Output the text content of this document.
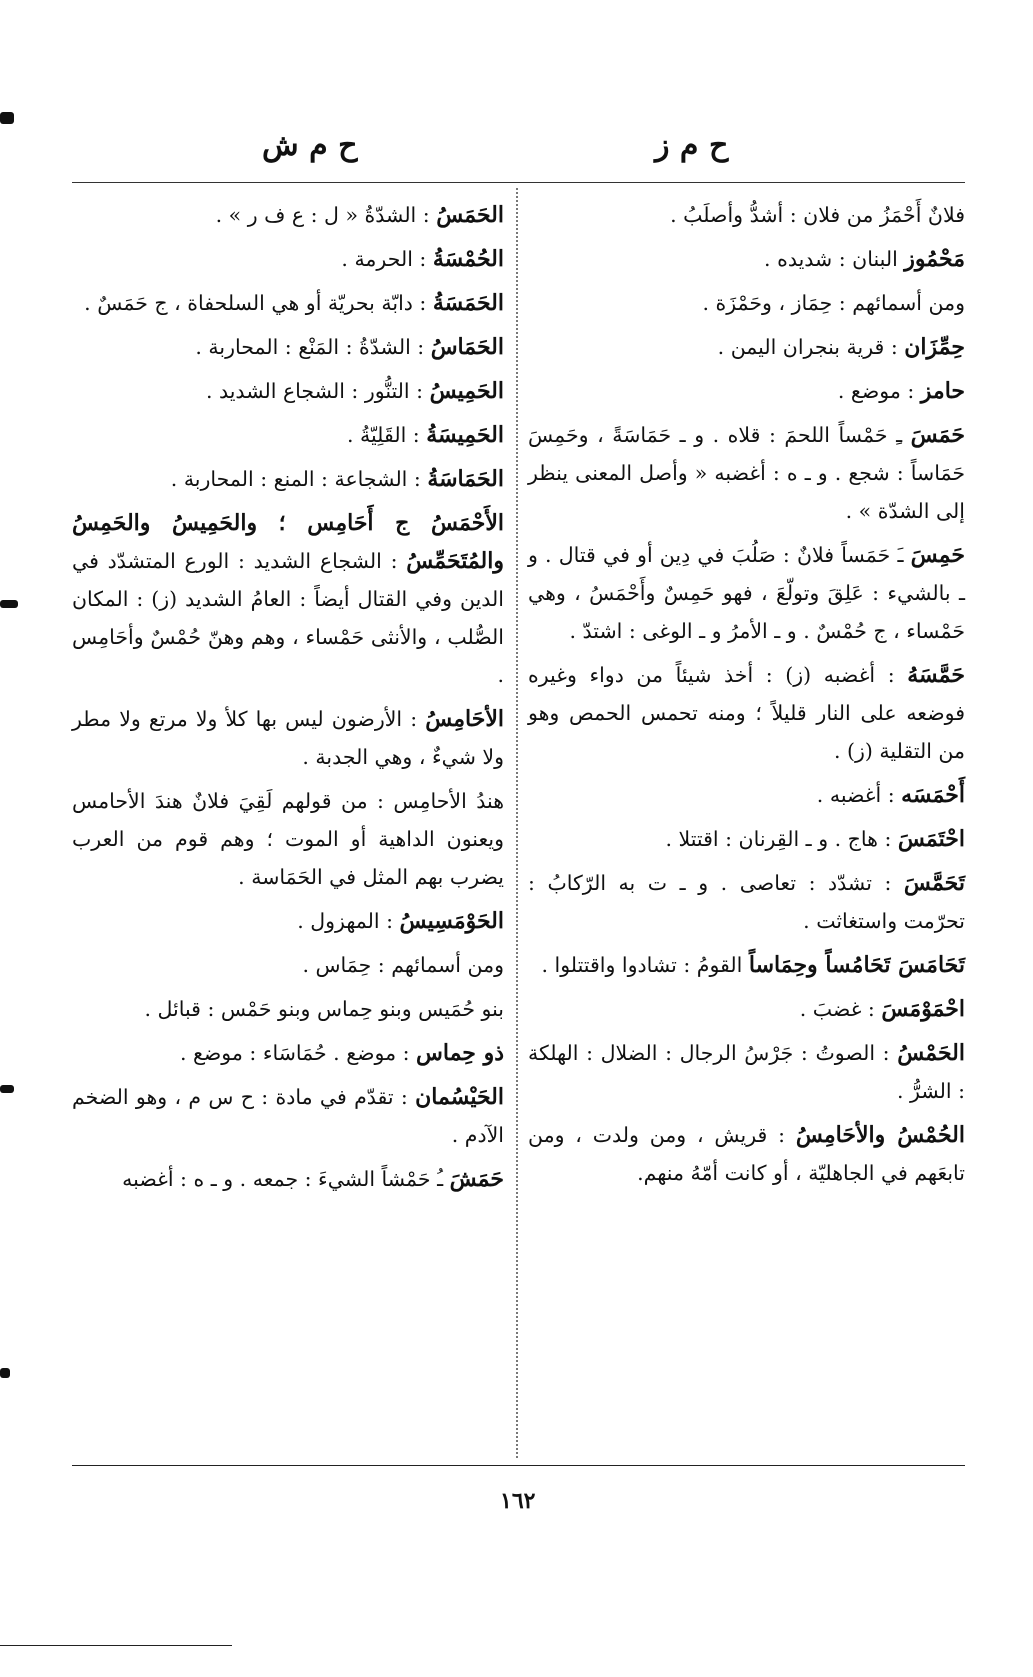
ح م ز
ح م ش

فلانٌ أَحْمَزُ من فلان : أشدُّ وأصلَبُ .

مَحْمُوز البنان : شديده .

ومن أسمائهم : حِمَاز ، وحَمْزَة .

حِمِّزَان : قرية بنجران اليمن .

حامز : موضع .

حَمَسَ ـِ حَمْساً اللحمَ : قلاه . و ـ حَمَاسَةً ، وحَمِسَ حَمَاساً : شجع . و ـ ه : أغضبه « وأصل المعنى ينظر إلى الشدّة » .

حَمِسَ ـَ حَمَساً فلانٌ : صَلُبَ في دِين أو في قتال . و ـ بالشيء : عَلِقَ وتولّعَ ، فهو حَمِسٌ وأَحْمَسُ ، وهي حَمْساء ، ج حُمْسٌ . و ـ الأمرُ و ـ الوغى : اشتدّ .

حَمَّسَهُ : أغضبه (ز) : أخذ شيئاً من دواء وغيره فوضعه على النار قليلاً ؛ ومنه تحمس الحمص وهو من التقلية (ز) .

أَحْمَسَه : أغضبه .

احْتَمَسَ : هاج . و ـ القِرنان : اقتتلا .

تَحَمَّسَ : تشدّد : تعاصى . و ـ ت به الرّكابُ : تحرّمت واستغاثت .

تَحَامَسَ تَحَامُساً وحِمَاساً القومُ : تشادوا واقتتلوا .

احْمَوْمَسَ : غضبَ .

الحَمْسُ : الصوتُ : جَرْسُ الرجال : الضلال : الهلكة : الشرُّ .

الحُمْسُ والأحَامِسُ : قريش ، ومن ولدت ، ومن تابعَهم في الجاهليّة ، أو كانت أمّهُ منهم.

الحَمَسُ : الشدّةُ « ل : ع ف ر » .

الحُمْسَةُ : الحرمة .

الحَمَسَةُ : دابّة بحريّة أو هي السلحفاة ، ج حَمَسٌ .

الحَمَاسُ : الشدّةُ : المَنْع : المحاربة .

الحَمِيسُ : التنُّور : الشجاع الشديد .

الحَمِيسَةُ : القَلِيّةُ .

الحَمَاسَةُ : الشجاعة : المنع : المحاربة .

الأَحْمَسُ ج أَحَامِس ؛ والحَمِيسُ والحَمِسُ والمُتَحَمِّسُ : الشجاع الشديد : الورع المتشدّد في الدين وفي القتال أيضاً : العامُ الشديد (ز) : المكان الصُّلب ، والأنثى حَمْساء ، وهم وهنّ حُمْسٌ وأحَامِس .

الأحَامِسُ : الأرضون ليس بها كلأ ولا مرتع ولا مطر ولا شيءٌ ، وهي الجدبة .

هندُ الأحامِس : من قولهم لَقِيَ فلانٌ هندَ الأحامس ويعنون الداهية أو الموت ؛ وهم قوم من العرب يضرب بهم المثل في الحَمَاسة .

الحَوْمَسِيسُ : المهزول .

ومن أسمائهم : حِمَاس .

بنو حُمَيس وبنو حِماس وبنو حَمْس : قبائل .

ذو حِماس : موضع . حُمَاسَاء : موضع .

الحَيْسُمان : تقدّم في مادة : ح س م ، وهو الضخم الآدم .

حَمَشَ ـُ حَمْشاً الشيءَ : جمعه . و ـ ه : أغضبه

١٦٢
